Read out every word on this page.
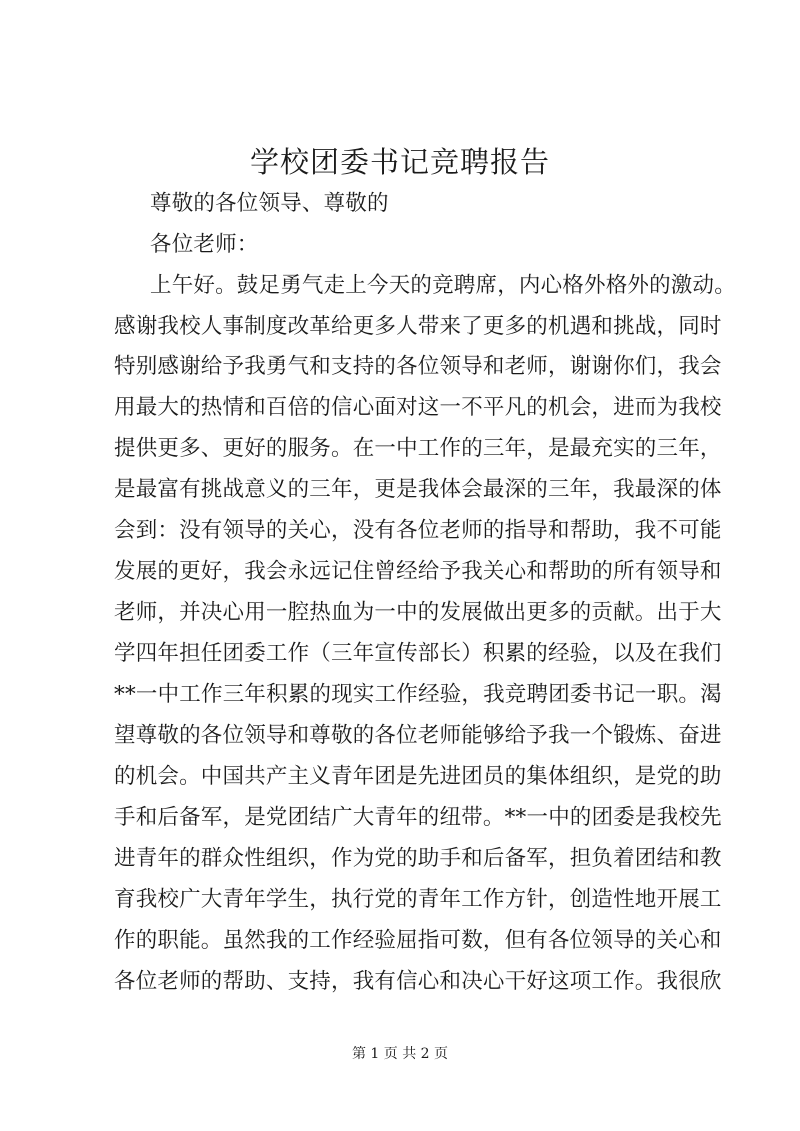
学校团委书记竞聘报告
尊敬的各位领导、尊敬的
各位老师：
上午好。鼓足勇气走上今天的竞聘席，内心格外格外的激动。
感谢我校人事制度改革给更多人带来了更多的机遇和挑战，同时
特别感谢给予我勇气和支持的各位领导和老师，谢谢你们，我会
用最大的热情和百倍的信心面对这一不平凡的机会，进而为我校
提供更多、更好的服务。在一中工作的三年，是最充实的三年，
是最富有挑战意义的三年，更是我体会最深的三年，我最深的体
会到：没有领导的关心，没有各位老师的指导和帮助，我不可能
发展的更好，我会永远记住曾经给予我关心和帮助的所有领导和
老师，并决心用一腔热血为一中的发展做出更多的贡献。出于大
学四年担任团委工作（三年宣传部长）积累的经验，以及在我们
**一中工作三年积累的现实工作经验，我竞聘团委书记一职。渴
望尊敬的各位领导和尊敬的各位老师能够给予我一个锻炼、奋进
的机会。中国共产主义青年团是先进团员的集体组织，是党的助
手和后备军，是党团结广大青年的纽带。**一中的团委是我校先
进青年的群众性组织，作为党的助手和后备军，担负着团结和教
育我校广大青年学生，执行党的青年工作方针，创造性地开展工
作的职能。虽然我的工作经验屈指可数，但有各位领导的关心和
各位老师的帮助、支持，我有信心和决心干好这项工作。我很欣
第 1 页 共 2 页
